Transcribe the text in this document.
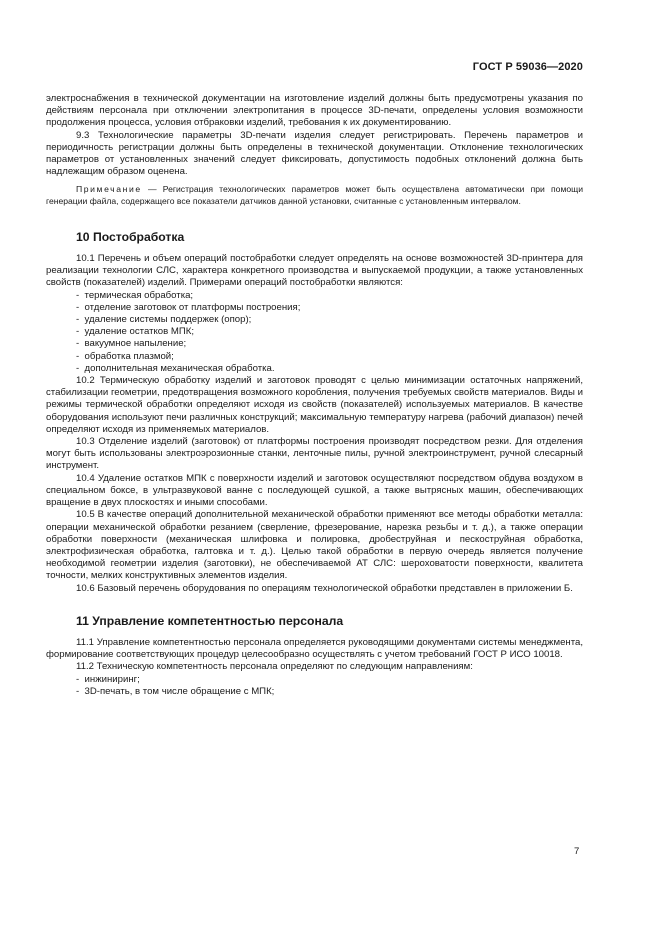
ГОСТ Р 59036—2020

электроснабжения в технической документации на изготовление изделий должны быть предусмотрены указания по действиям персонала при отключении электропитания в процессе 3D-печати, определены условия возможности продолжения процесса, условия отбраковки изделий, требования к их документированию.

9.3 Технологические параметры 3D-печати изделия следует регистрировать. Перечень параметров и периодичность регистрации должны быть определены в технической документации. Отклонение технологических параметров от установленных значений следует фиксировать, допустимость подобных отклонений должна быть надлежащим образом оценена.

Примечание — Регистрация технологических параметров может быть осуществлена автоматически при помощи генерации файла, содержащего все показатели датчиков данной установки, считанные с установленным интервалом.

10 Постобработка

10.1 Перечень и объем операций постобработки следует определять на основе возможностей 3D-принтера для реализации технологии СЛС, характера конкретного производства и выпускаемой продукции, а также установленных свойств (показателей) изделий. Примерами операций постобработки являются:

-  термическая обработка;
-  отделение заготовок от платформы построения;
-  удаление системы поддержек (опор);
-  удаление остатков МПК;
-  вакуумное напыление;
-  обработка плазмой;
-  дополнительная механическая обработка.

10.2 Термическую обработку изделий и заготовок проводят с целью минимизации остаточных напряжений, стабилизации геометрии, предотвращения возможного коробления, получения требуемых свойств материалов. Виды и режимы термической обработки определяют исходя из свойств (показателей) используемых материалов. В качестве оборудования используют печи различных конструкций; максимальную температуру нагрева (рабочий диапазон) печей определяют исходя из применяемых материалов.

10.3 Отделение изделий (заготовок) от платформы построения производят посредством резки. Для отделения могут быть использованы электроэрозионные станки, ленточные пилы, ручной электроинструмент, ручной слесарный инструмент.

10.4 Удаление остатков МПК с поверхности изделий и заготовок осуществляют посредством обдува воздухом в специальном боксе, в ультразвуковой ванне с последующей сушкой, а также вытрясных машин, обеспечивающих вращение в двух плоскостях и иными способами.

10.5 В качестве операций дополнительной механической обработки применяют все методы обработки металла: операции механической обработки резанием (сверление, фрезерование, нарезка резьбы и т. д.), а также операции обработки поверхности (механическая шлифовка и полировка, дробеструйная и пескоструйная обработка, электрофизическая обработка, галтовка и т. д.). Целью такой обработки в первую очередь является получение необходимой геометрии изделия (заготовки), не обеспечиваемой АТ СЛС: шероховатости поверхности, квалитета точности, мелких конструктивных элементов изделия.

10.6 Базовый перечень оборудования по операциям технологической обработки представлен в приложении Б.

11 Управление компетентностью персонала

11.1 Управление компетентностью персонала определяется руководящими документами системы менеджмента, формирование соответствующих процедур целесообразно осуществлять с учетом требований ГОСТ Р ИСО 10018.

11.2 Техническую компетентность персонала определяют по следующим направлениям:

-  инжиниринг;
-  3D-печать, в том числе обращение с МПК;
7
